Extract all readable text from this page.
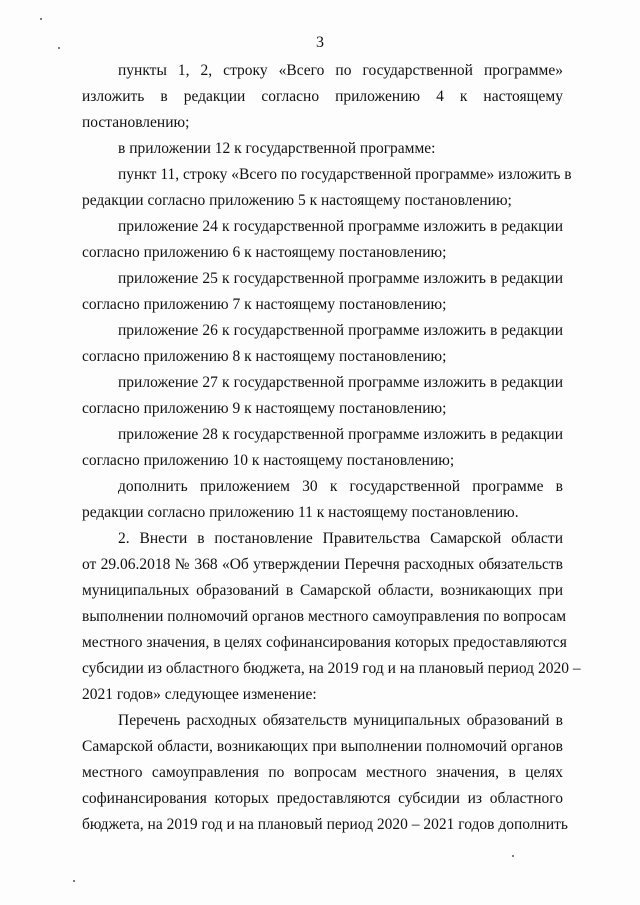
3
пункты 1, 2, строку «Всего по государственной программе»
изложить в редакции согласно приложению 4 к настоящему
постановлению;
в приложении 12 к государственной программе:
пункт 11, строку «Всего по государственной программе» изложить в
редакции согласно приложению 5 к настоящему постановлению;
приложение 24 к государственной программе изложить в редакции
согласно приложению 6 к настоящему постановлению;
приложение 25 к государственной программе изложить в редакции
согласно приложению 7 к настоящему постановлению;
приложение 26 к государственной программе изложить в редакции
согласно приложению 8 к настоящему постановлению;
приложение 27 к государственной программе изложить в редакции
согласно приложению 9 к настоящему постановлению;
приложение 28 к государственной программе изложить в редакции
согласно приложению 10 к настоящему постановлению;
дополнить приложением 30 к государственной программе в
редакции согласно приложению 11 к настоящему постановлению.
2. Внести в постановление Правительства Самарской области
от 29.06.2018 № 368 «Об утверждении Перечня расходных обязательств
муниципальных образований в Самарской области, возникающих при
выполнении полномочий органов местного самоуправления по вопросам
местного значения, в целях софинансирования которых предоставляются
субсидии из областного бюджета, на 2019 год и на плановый период 2020 –
2021 годов» следующее изменение:
Перечень расходных обязательств муниципальных образований в
Самарской области, возникающих при выполнении полномочий органов
местного самоуправления по вопросам местного значения, в целях
софинансирования которых предоставляются субсидии из областного
бюджета, на 2019 год и на плановый период 2020 – 2021 годов дополнить
